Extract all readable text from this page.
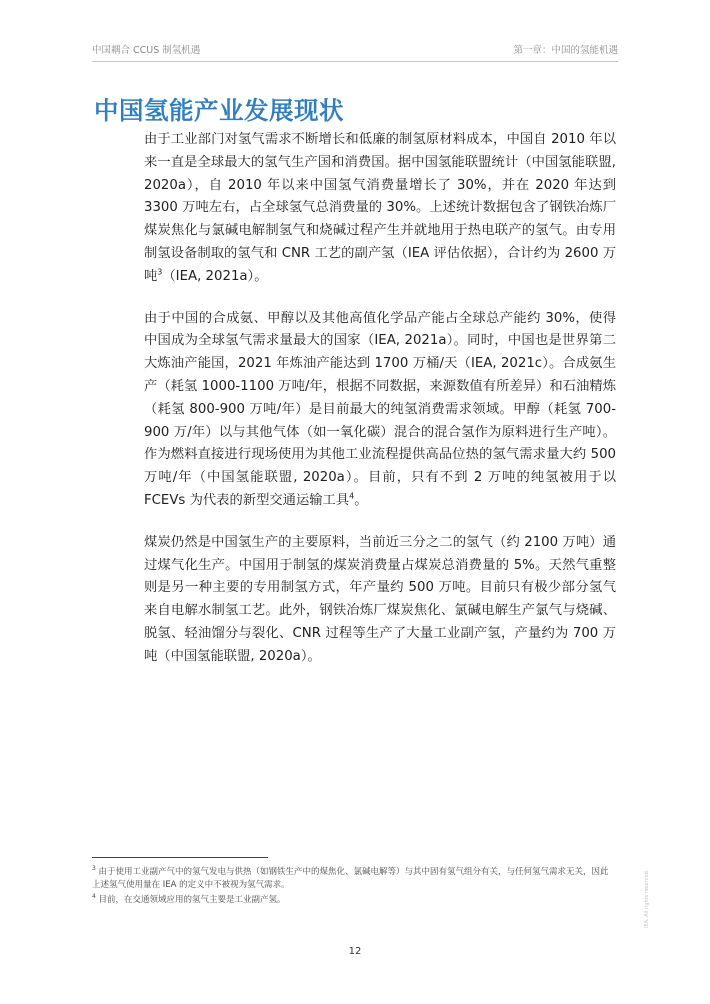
中国耦合 CCUS 制氢机遇	第一章：中国的氢能机遇
中国氢能产业发展现状

由于工业部门对氢气需求不断增长和低廉的制氢原材料成本，中国自 2010 年以来一直是全球最大的氢气生产国和消费国。据中国氢能联盟统计（中国氢能联盟, 2020a），自 2010 年以来中国氢气消费量增长了 30%，并在 2020 年达到 3300 万吨左右，占全球氢气总消费量的 30%。上述统计数据包含了钢铁冶炼厂煤炭焦化与氯碱电解制氢气和烧碱过程产生并就地用于热电联产的氢气。由专用制氢设备制取的氢气和 CNR 工艺的副产氢（IEA 评估依据），合计约为 2600 万吨$^3$（IEA, 2021a）。

由于中国的合成氨、甲醇以及其他高值化学品产能占全球总产能约 30%，使得中国成为全球氢气需求量最大的国家（IEA, 2021a）。同时，中国也是世界第二大炼油产能国，2021 年炼油产能达到 1700 万桶/天（IEA, 2021c）。合成氨生产（耗氢 1000-1100 万吨/年，根据不同数据，来源数值有所差异）和石油精炼（耗氢 800-900 万吨/年）是目前最大的纯氢消费需求领域。甲醇（耗氢 700-900 万/年）以与其他气体（如一氧化碳）混合的混合氢作为原料进行生产吨）。作为燃料直接进行现场使用为其他工业流程提供高品位热的氢气需求量大约 500 万吨/年（中国氢能联盟, 2020a）。目前，只有不到 2 万吨的纯氢被用于以 FCEVs 为代表的新型交通运输工具$^4$。

煤炭仍然是中国氢生产的主要原料，当前近三分之二的氢气（约 2100 万吨）通过煤气化生产。中国用于制氢的煤炭消费量占煤炭总消费量的 5%。天然气重整则是另一种主要的专用制氢方式，年产量约 500 万吨。目前只有极少部分氢气来自电解水制氢工艺。此外，钢铁冶炼厂煤炭焦化、氯碱电解生产氯气与烧碱、脱氢、轻油馏分与裂化、CNR 过程等生产了大量工业副产氢，产量约为 700 万吨（中国氢能联盟, 2020a）。

$^3$ 由于使用工业副产气中的氢气发电与供热（如钢铁生产中的煤焦化、氯碱电解等）与其中固有氢气组分有关，与任何氢气需求无关，因此上述氢气使用量在 IEA 的定义中不被视为氢气需求。
$^4$ 目前，在交通领域应用的氢气主要是工业副产氢。
12
IEA. All rights reserved.
